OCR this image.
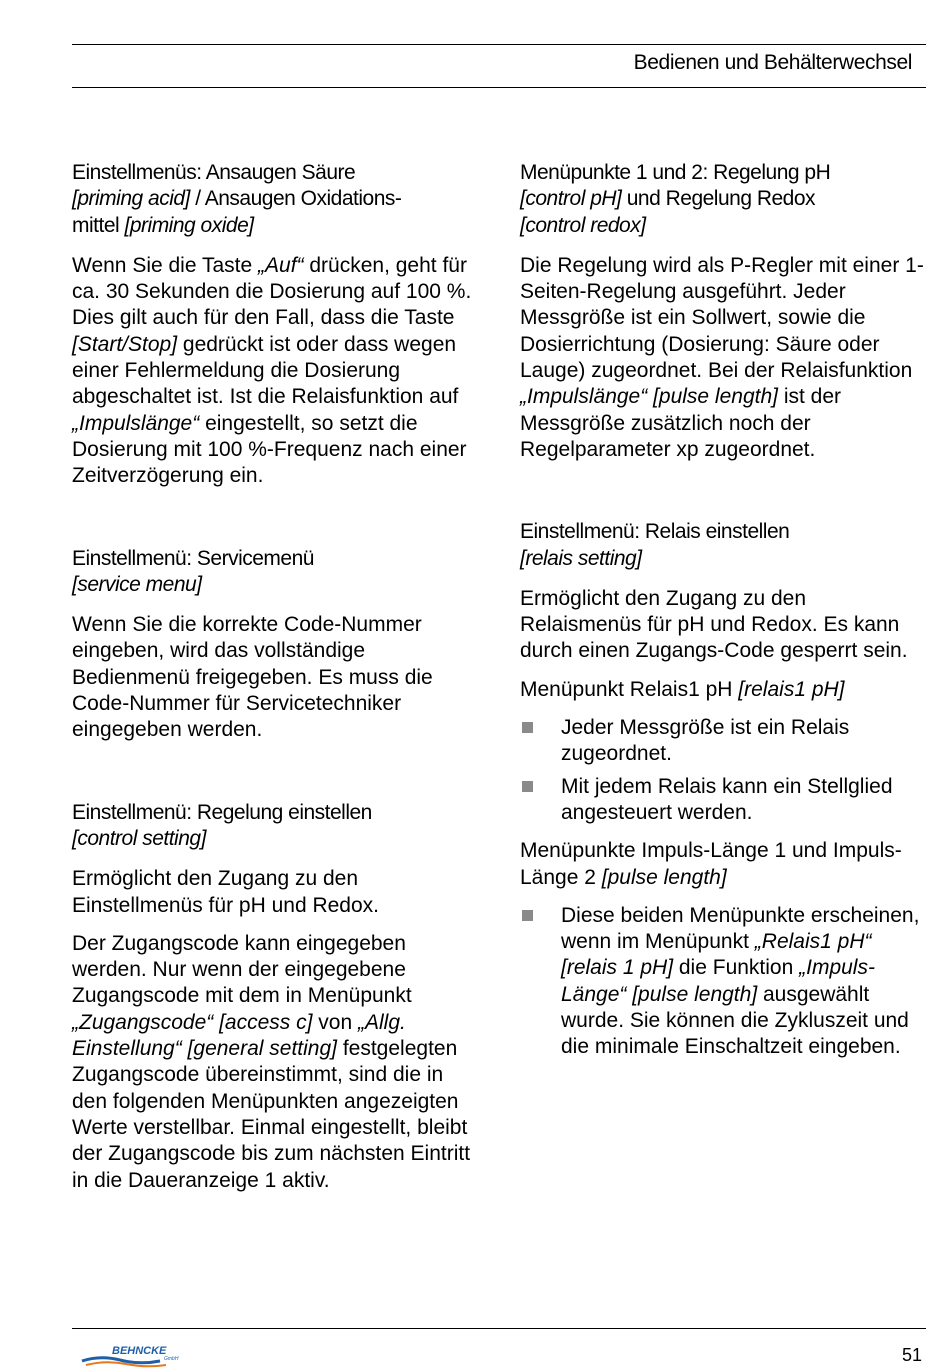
Bedienen und Behälterwechsel

Einstellmenüs: Ansaugen Säure
[priming acid] / Ansaugen Oxidations-
mittel [priming oxide]

Wenn Sie die Taste „Auf“ drücken, geht für ca. 30 Sekunden die Dosierung auf 100 %. Dies gilt auch für den Fall, dass die Taste [Start/Stop] gedrückt ist oder dass wegen einer Fehlermeldung die Dosierung abgeschaltet ist. Ist die Relaisfunktion auf „Impulslänge“ eingestellt, so setzt die Dosierung mit 100 %-Frequenz nach einer Zeitverzögerung ein.

Einstellmenü: Servicemenü
[service menu]

Wenn Sie die korrekte Code-Nummer eingeben, wird das vollständige Bedienmenü freigegeben. Es muss die Code-Nummer für Servicetechniker eingegeben werden.

Einstellmenü: Regelung einstellen
[control setting]

Ermöglicht den Zugang zu den Einstellmenüs für pH und Redox.

Der Zugangscode kann eingegeben werden. Nur wenn der eingegebene Zugangscode mit dem in Menüpunkt „Zugangscode“ [access c] von „Allg. Einstellung“ [general setting] festgelegten Zugangscode übereinstimmt, sind die in den folgenden Menüpunkten angezeigten Werte verstellbar. Einmal eingestellt, bleibt der Zugangscode bis zum nächsten Eintritt in die Daueranzeige 1 aktiv.

Menüpunkte 1 und 2: Regelung pH
[control pH] und Regelung Redox
[control redox]

Die Regelung wird als P-Regler mit einer 1-Seiten-Regelung ausgeführt. Jeder Messgröße ist ein Sollwert, sowie die Dosierrichtung (Dosierung: Säure oder Lauge) zugeordnet. Bei der Relaisfunktion „Impulslänge“ [pulse length] ist der Messgröße zusätzlich noch der Regelparameter xp zugeordnet.

Einstellmenü: Relais einstellen
[relais setting]

Ermöglicht den Zugang zu den Relaismenüs für pH und Redox. Es kann durch einen Zugangs-Code gesperrt sein.

Menüpunkt Relais1 pH [relais1 pH]

Jeder Messgröße ist ein Relais zugeordnet.
Mit jedem Relais kann ein Stellglied angesteuert werden.

Menüpunkte Impuls-Länge 1 und Impuls-Länge 2 [pulse length]

Diese beiden Menüpunkte erscheinen, wenn im Menüpunkt „Relais1 pH“ [relais 1 pH] die Funktion „Impuls-Länge“ [pulse length] ausgewählt wurde. Sie können die Zykluszeit und die minimale Einschaltzeit eingeben.
BEHNCKE
GmbH	51
